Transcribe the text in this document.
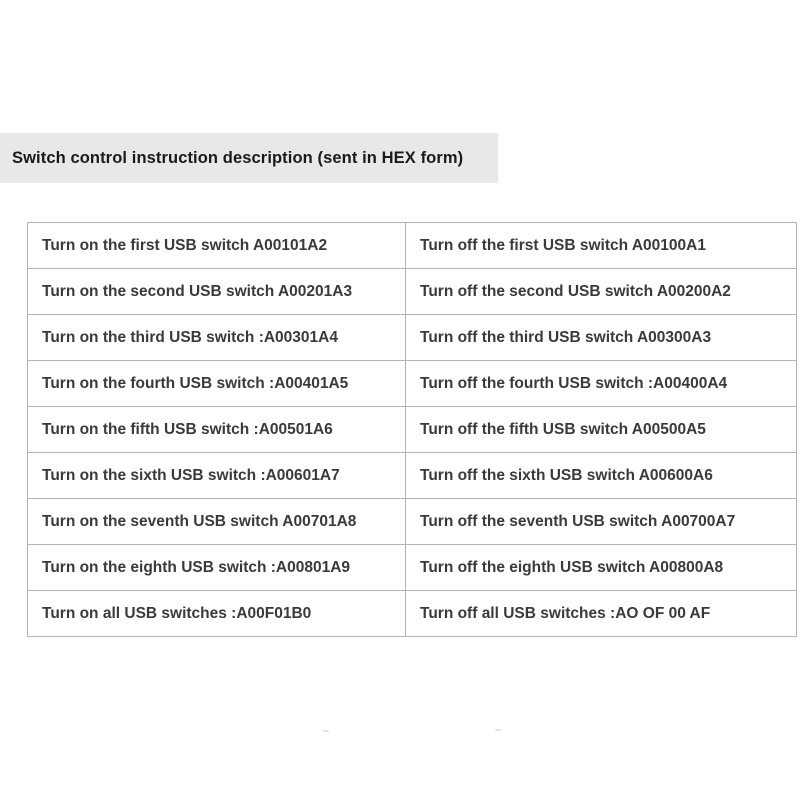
Switch control instruction description (sent in HEX form)
Turn on the first USB switch A00101A2	Turn off the first USB switch A00100A1
Turn on the second USB switch A00201A3	Turn off the second USB switch A00200A2
Turn on the third USB switch :A00301A4	Turn off the third USB switch A00300A3
Turn on the fourth USB switch :A00401A5	Turn off the fourth USB switch :A00400A4
Turn on the fifth USB switch :A00501A6	Turn off the fifth USB switch A00500A5
Turn on the sixth USB switch :A00601A7	Turn off the sixth USB switch A00600A6
Turn on the seventh USB switch A00701A8	Turn off the seventh USB switch A00700A7
Turn on the eighth USB switch :A00801A9	Turn off the eighth USB switch A00800A8
Turn on all USB switches :A00F01B0	Turn off all USB switches :AO OF 00 AF
